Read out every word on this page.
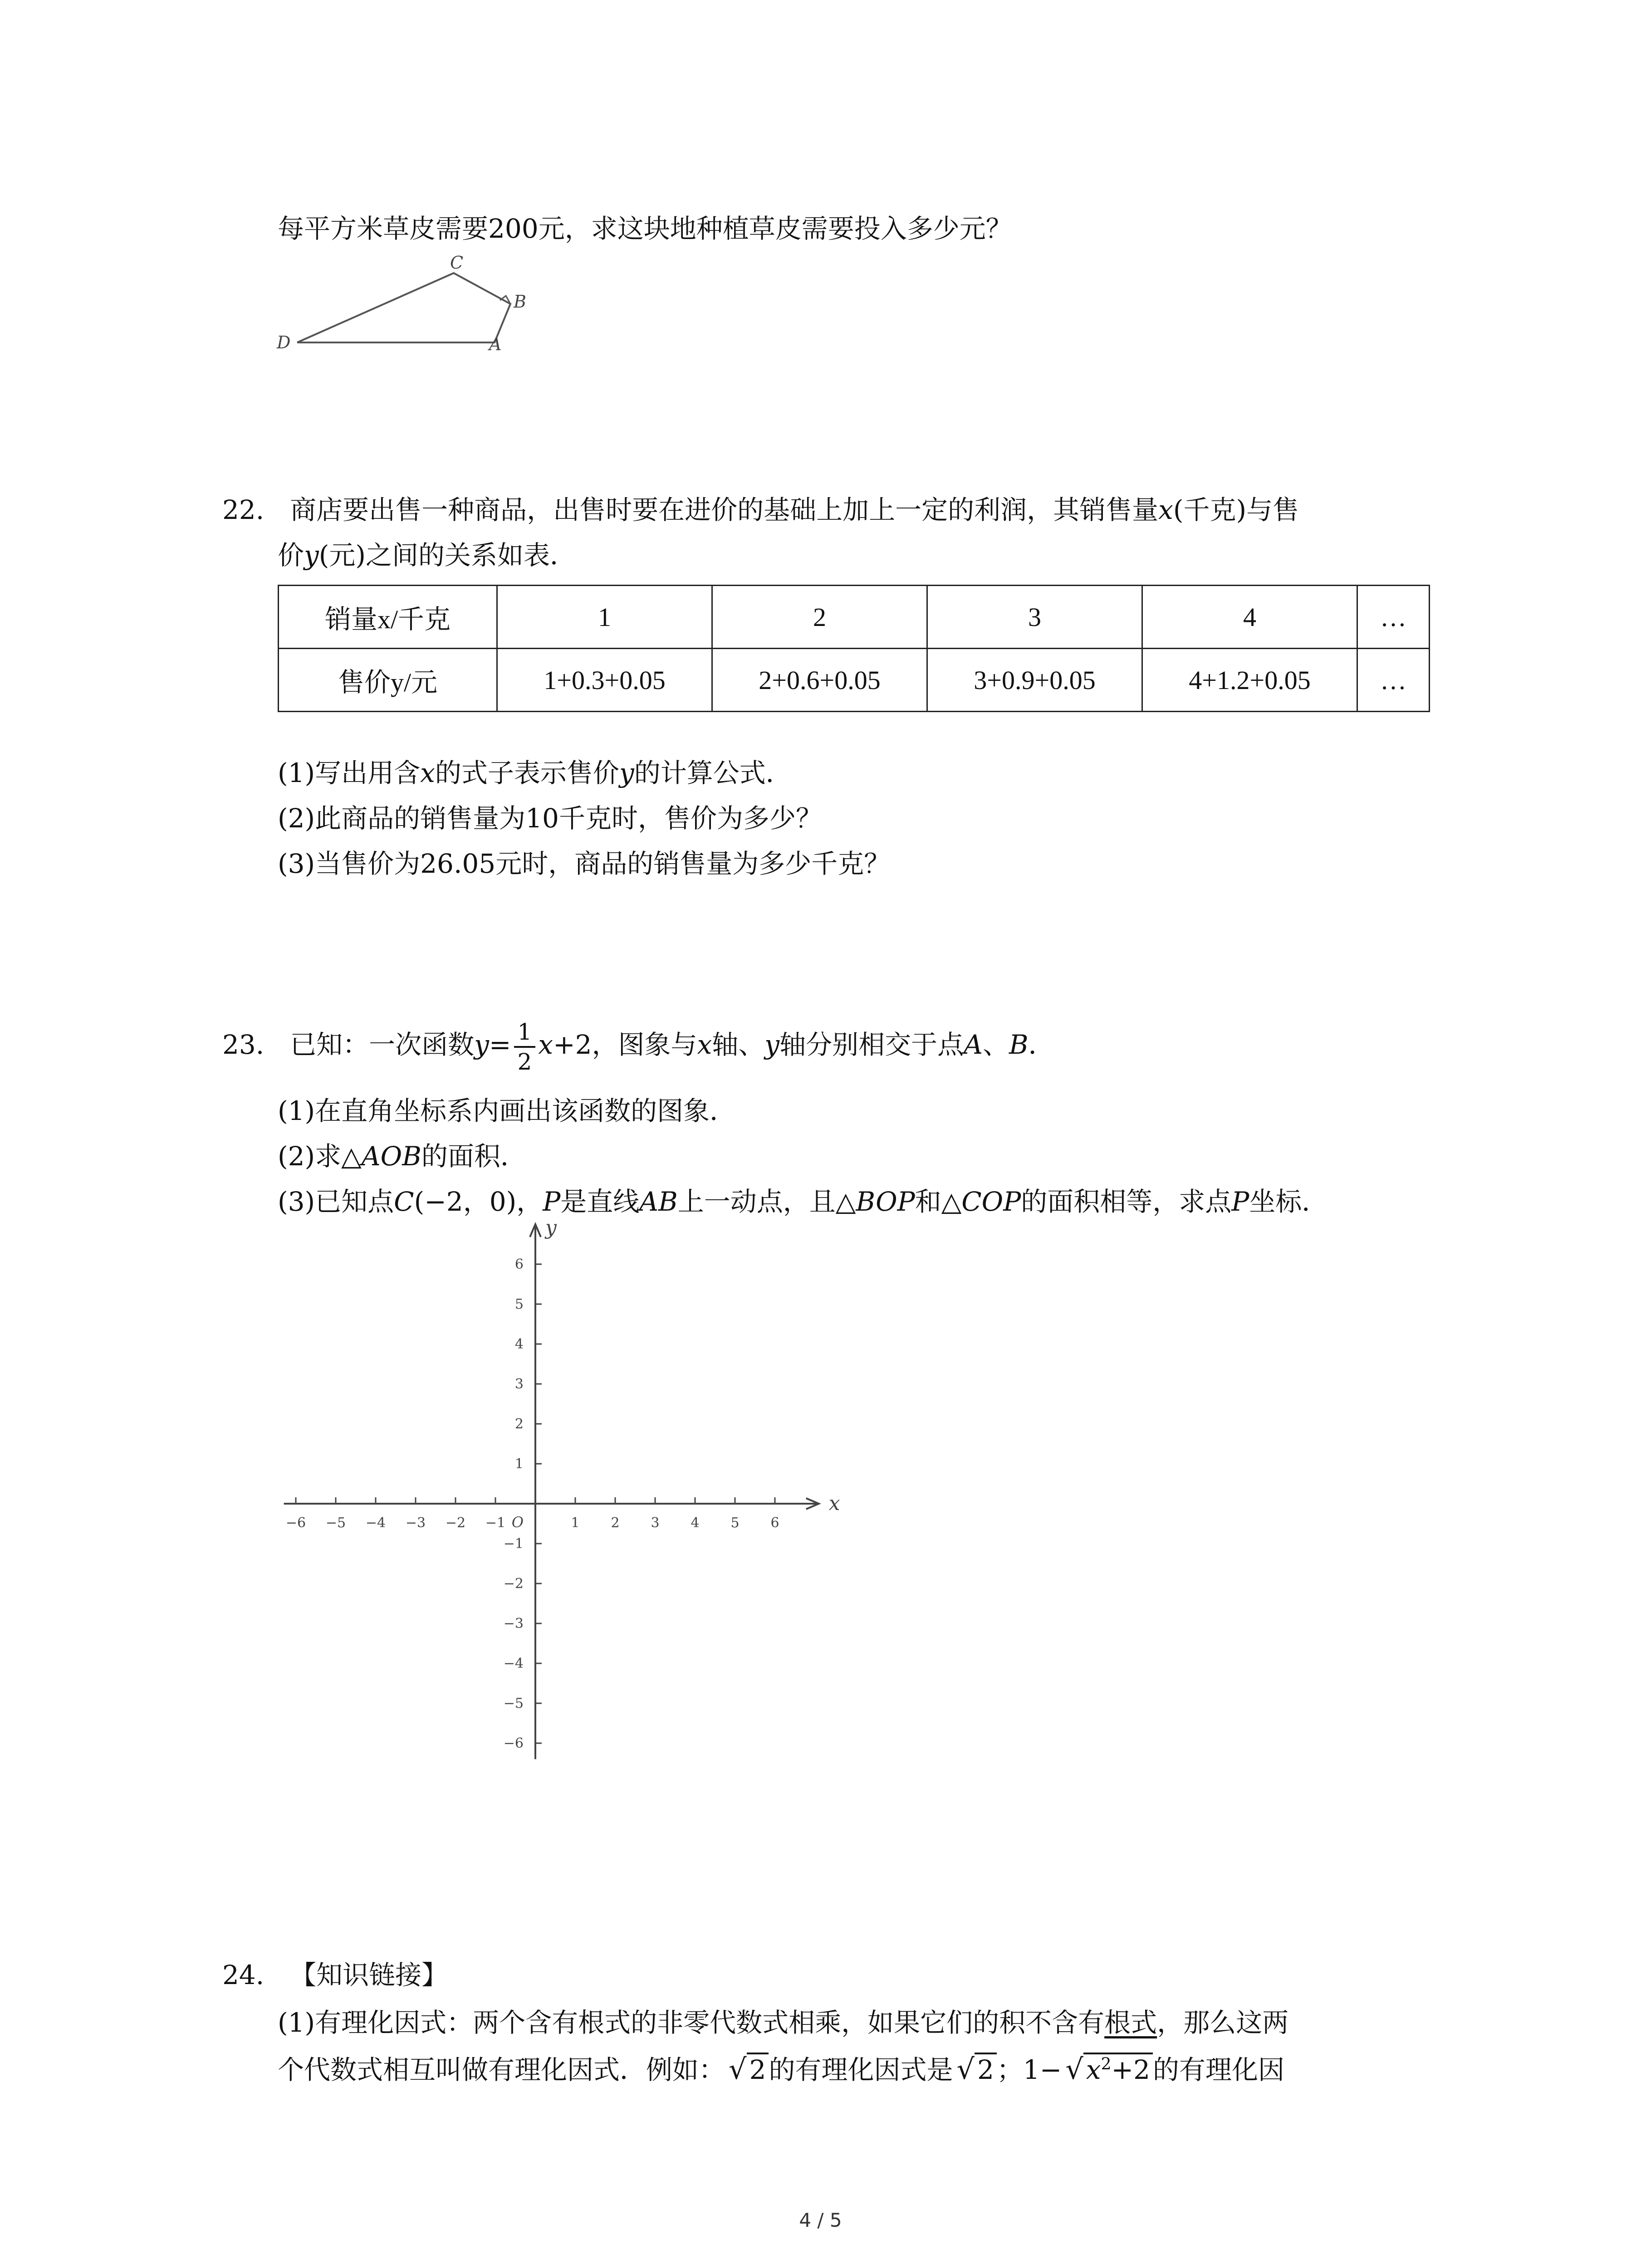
每平方米草皮需要200元，求这块地种植草皮需要投入多少元？
C
B
D	A
22. 商店要出售一种商品，出售时要在进价的基础上加上一定的利润，其销售量x(千克)与售
价y(元)之间的关系如表．
销量x/千克	1	2	3	4	…
售价y/元	1+0.3+0.05	2+0.6+0.05	3+0.9+0.05	4+1.2+0.05	…
(1)写出用含x的式子表示售价y的计算公式．
(2)此商品的销售量为10千克时，售价为多少？
(3)当售价为26.05元时，商品的销售量为多少千克？
23. 已知：一次函数$y= \frac{1}{2} x+2$，图象与x轴、y轴分别相交于点A、B．
(1)在直角坐标系内画出该函数的图象．
(2)求△AOB的面积．
(3)已知点C(−2，0)，P是直线AB上一动点，且△BOP和△COP的面积相等，求点P坐标．
−6 −5 −4 −3 −2 −1	1 2 3 4 5 6
6
5
4
3
2
1
−1
−2
−3
−4
−5
−6
O
x
y
24. 【知识链接】
(1)有理化因式：两个含有根式的非零代数式相乘，如果它们的积不含有根式，那么这两
个代数式相互叫做有理化因式．例如： √ 2 的有理化因式是 √ 2 ；1− √ $x^2+2$ 的有理化因
4 / 5
